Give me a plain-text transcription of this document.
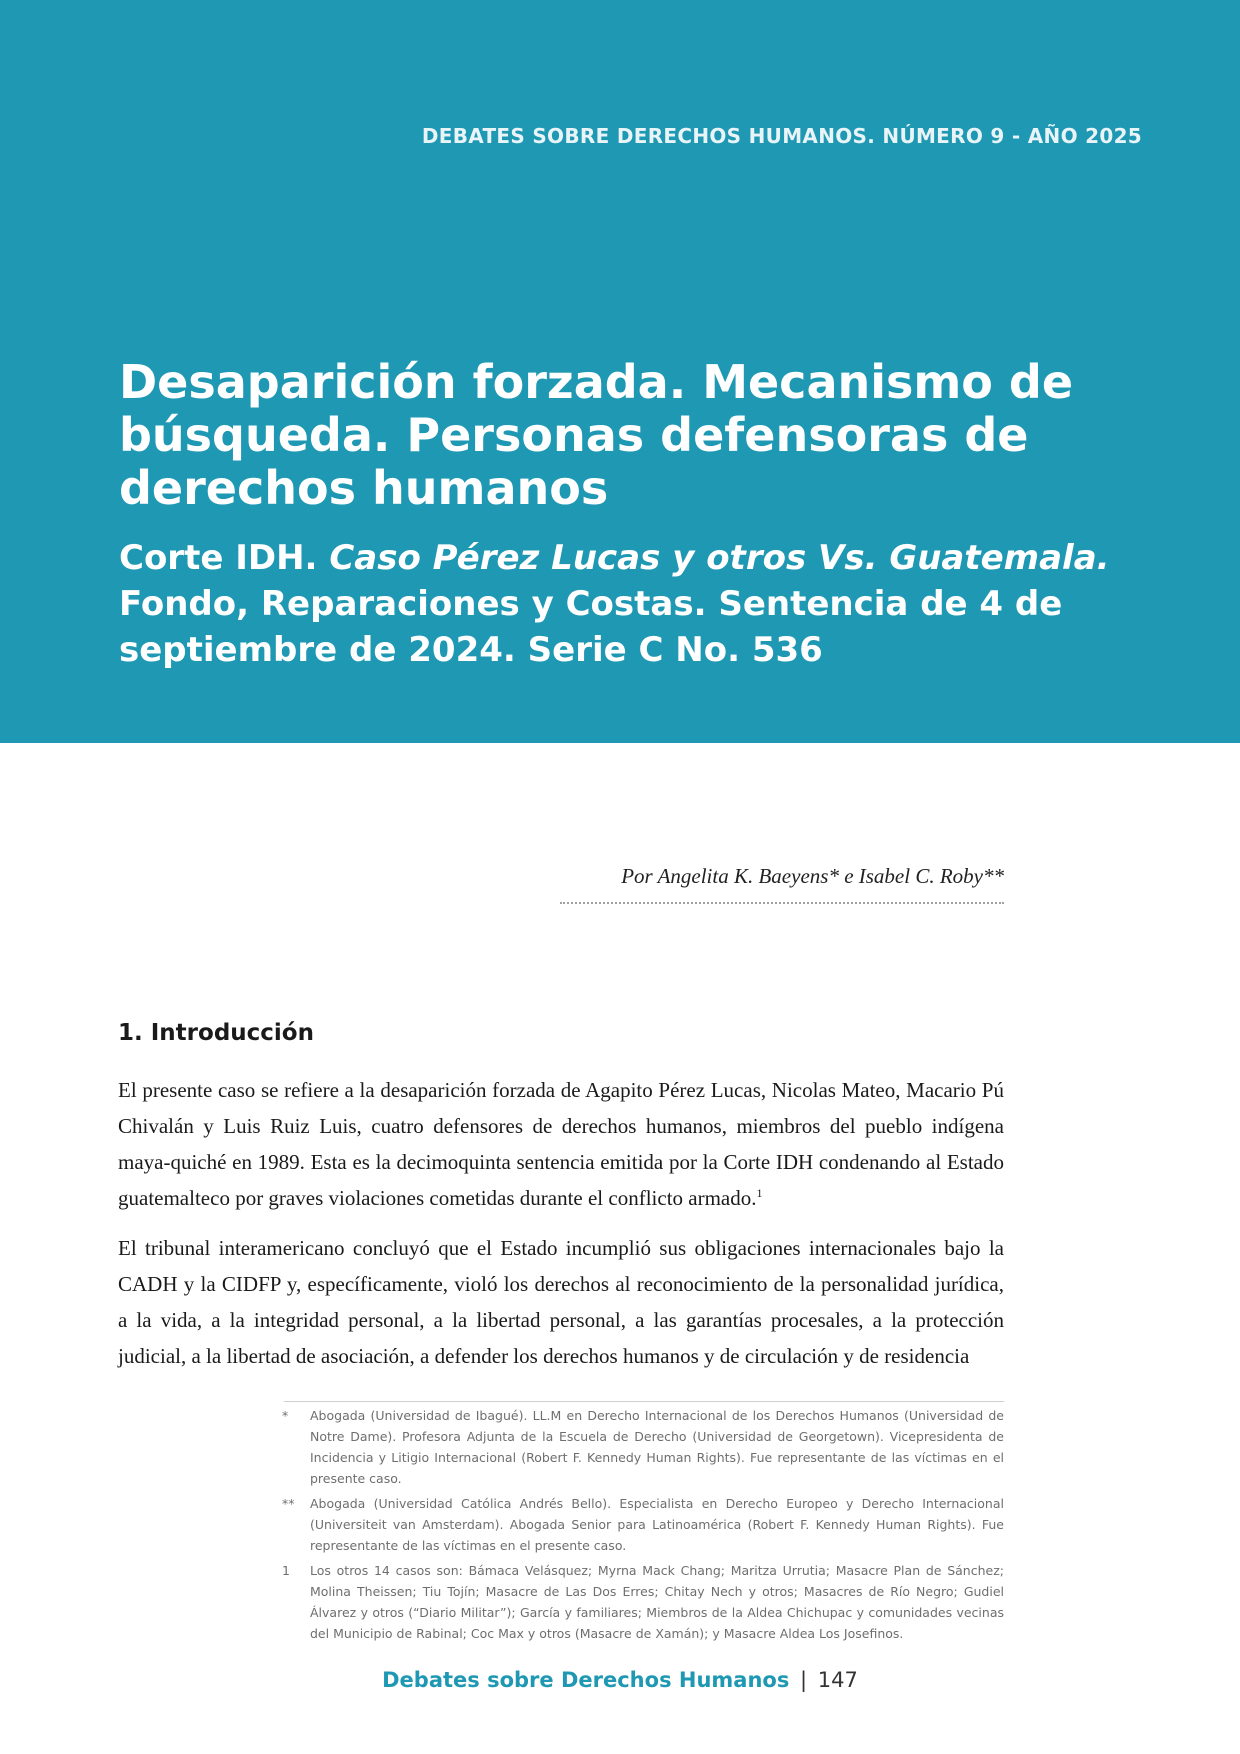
DEBATES SOBRE DERECHOS HUMANOS. NÚMERO 9 - AÑO 2025
Desaparición forzada. Mecanismo de búsqueda. Personas defensoras de derechos humanos

Corte IDH. Caso Pérez Lucas y otros Vs. Guatemala. Fondo, Reparaciones y Costas. Sentencia de 4 de septiembre de 2024. Serie C No. 536

Por Angelita K. Baeyens* e Isabel C. Roby**
1. Introducción

El presente caso se refiere a la desaparición forzada de Agapito Pérez Lucas, Nicolas Mateo, Macario Pú Chivalán y Luis Ruiz Luis, cuatro defensores de derechos humanos, miembros del pueblo indígena maya-quiché en 1989. Esta es la decimoquinta sentencia emitida por la Corte IDH condenando al Estado guatemalteco por graves violaciones cometidas durante el conflicto armado.$^1$

El tribunal interamericano concluyó que el Estado incumplió sus obligaciones internacionales bajo la CADH y la CIDFP y, específicamente, violó los derechos al reconocimiento de la personalidad jurídica, a la vida, a la integridad personal, a la libertad personal, a las garantías procesales, a la protección judicial, a la libertad de asociación, a defender los derechos humanos y de circulación y de residencia

*	Abogada (Universidad de Ibagué). LL.M en Derecho Internacional de los Derechos Humanos (Universidad de Notre Dame). Profesora Adjunta de la Escuela de Derecho (Universidad de Georgetown). Vicepresidenta de Incidencia y Litigio Internacional (Robert F. Kennedy Human Rights). Fue representante de las víctimas en el presente caso.
**	Abogada (Universidad Católica Andrés Bello). Especialista en Derecho Europeo y Derecho Internacional (Universiteit van Amsterdam). Abogada Senior para Latinoamérica (Robert F. Kennedy Human Rights). Fue representante de las víctimas en el presente caso.
1	Los otros 14 casos son: Bámaca Velásquez; Myrna Mack Chang; Maritza Urrutia; Masacre Plan de Sánchez; Molina Theissen; Tiu Tojín; Masacre de Las Dos Erres; Chitay Nech y otros; Masacres de Río Negro; Gudiel Álvarez y otros (“Diario Militar”); García y familiares; Miembros de la Aldea Chichupac y comunidades vecinas del Municipio de Rabinal; Coc Max y otros (Masacre de Xamán); y Masacre Aldea Los Josefinos.
Debates sobre Derechos Humanos | 147
